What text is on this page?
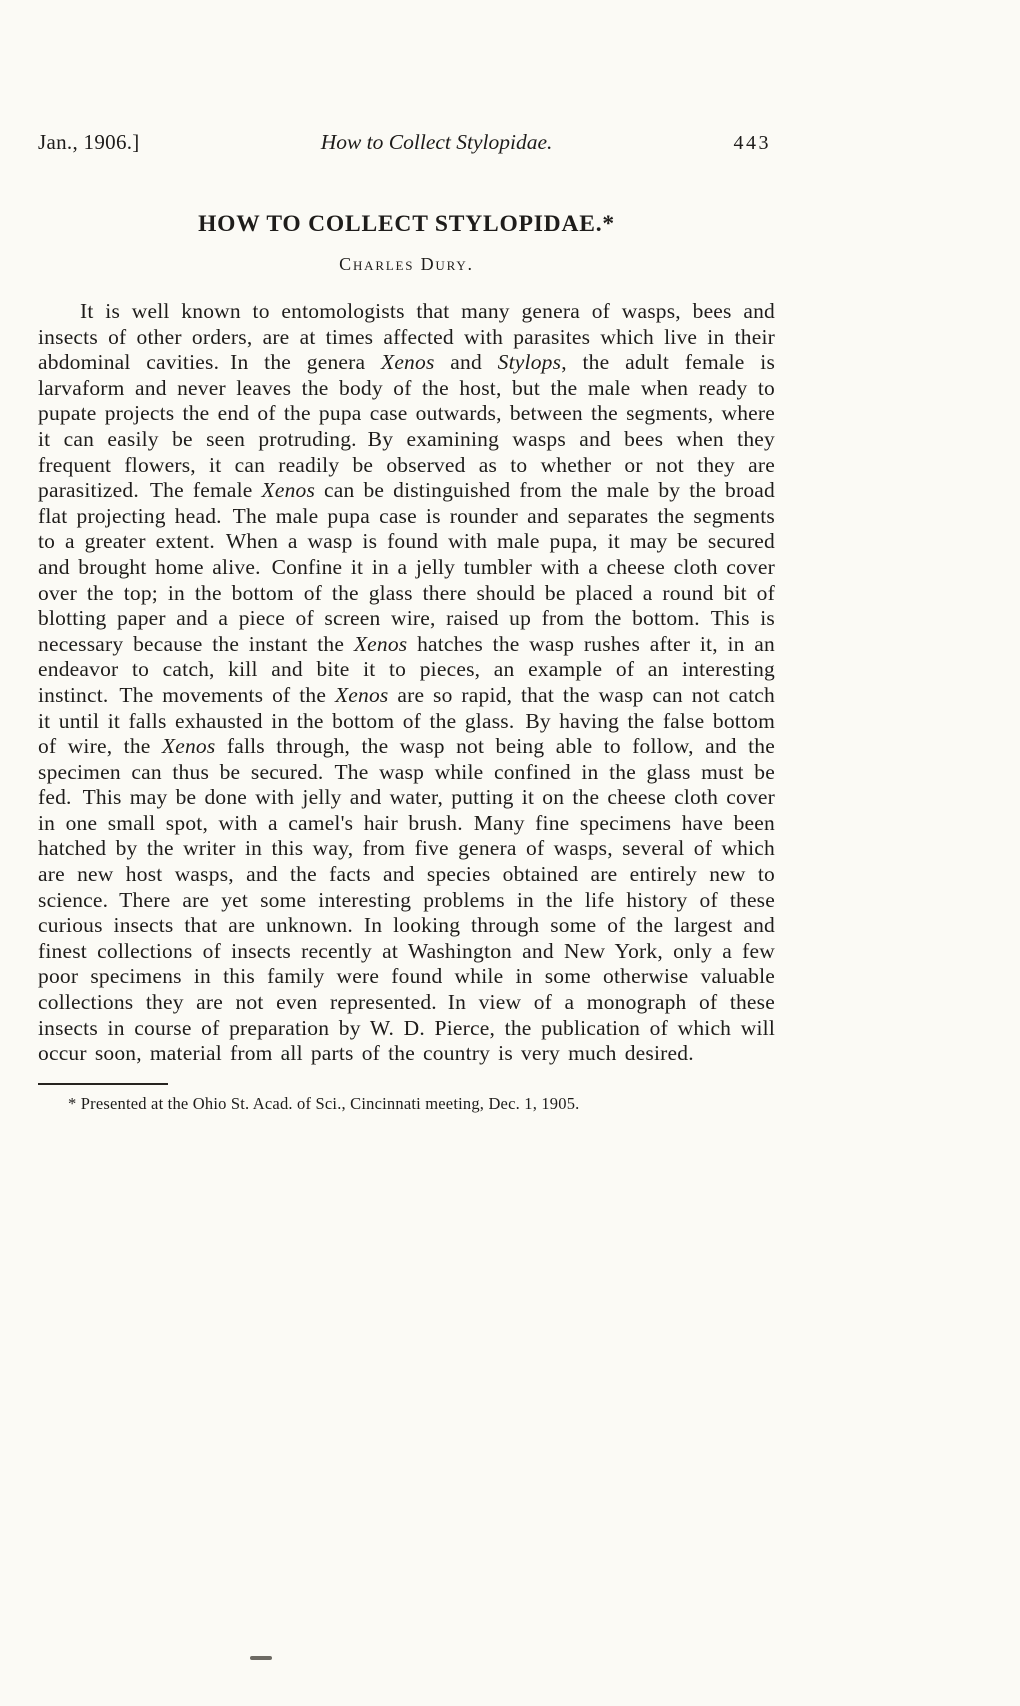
Jan., 1906.]	How to Collect Stylopidae.	443
HOW TO COLLECT STYLOPIDAE.*
Charles Dury.

It is well known to entomologists that many genera of wasps, bees and insects of other orders, are at times affected with parasites which live in their abdominal cavities. In the genera Xenos and Stylops, the adult female is larvaform and never leaves the body of the host, but the male when ready to pupate projects the end of the pupa case outwards, between the segments, where it can easily be seen protruding. By examining wasps and bees when they frequent flowers, it can readily be observed as to whether or not they are parasitized. The female Xenos can be distinguished from the male by the broad flat projecting head. The male pupa case is rounder and separates the segments to a greater extent. When a wasp is found with male pupa, it may be secured and brought home alive. Confine it in a jelly tumbler with a cheese cloth cover over the top; in the bottom of the glass there should be placed a round bit of blotting paper and a piece of screen wire, raised up from the bottom. This is necessary because the instant the Xenos hatches the wasp rushes after it, in an endeavor to catch, kill and bite it to pieces, an example of an interesting instinct. The movements of the Xenos are so rapid, that the wasp can not catch it until it falls exhausted in the bottom of the glass. By having the false bottom of wire, the Xenos falls through, the wasp not being able to follow, and the specimen can thus be secured. The wasp while confined in the glass must be fed. This may be done with jelly and water, putting it on the cheese cloth cover in one small spot, with a camel's hair brush. Many fine specimens have been hatched by the writer in this way, from five genera of wasps, several of which are new host wasps, and the facts and species obtained are entirely new to science. There are yet some interesting problems in the life history of these curious insects that are unknown. In looking through some of the largest and finest collections of insects recently at Washington and New York, only a few poor specimens in this family were found while in some otherwise valuable collections they are not even represented. In view of a monograph of these insects in course of preparation by W. D. Pierce, the publication of which will occur soon, material from all parts of the country is very much desired.

* Presented at the Ohio St. Acad. of Sci., Cincinnati meeting, Dec. 1, 1905.
